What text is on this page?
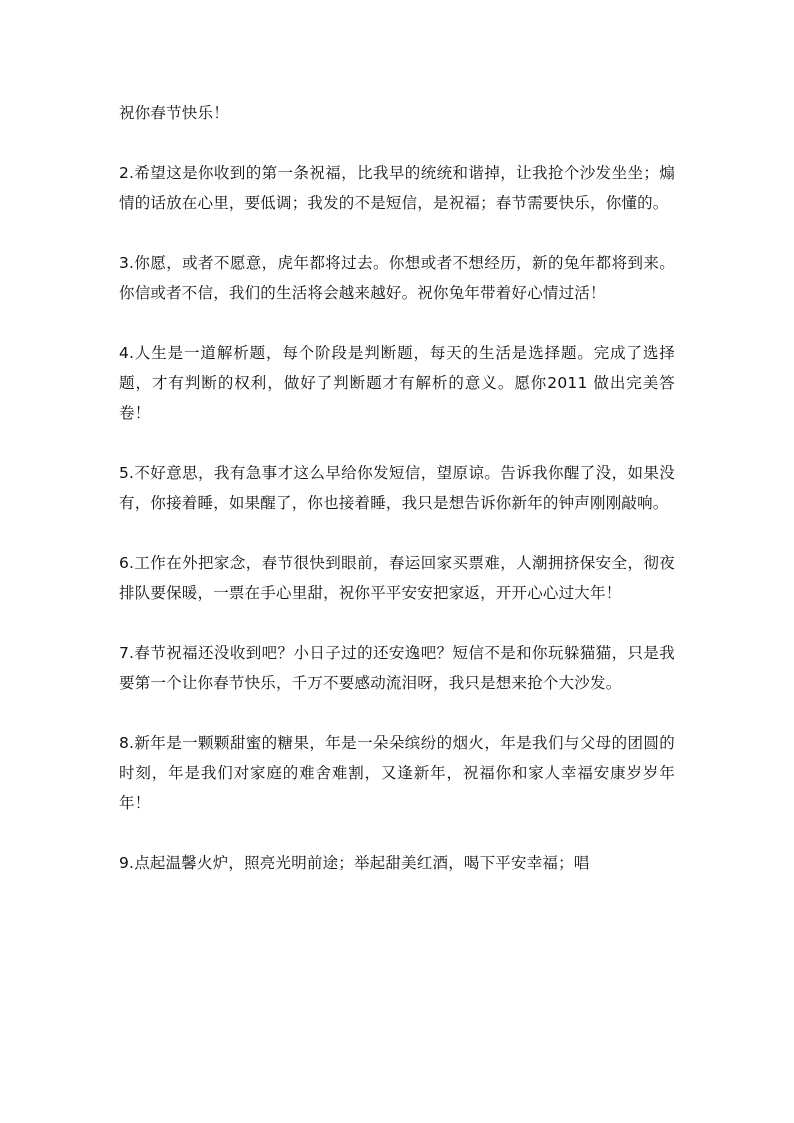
祝你春节快乐！

2.希望这是你收到的第一条祝福，比我早的统统和谐掉，让我抢个沙发坐坐；煽情的话放在心里，要低调；我发的不是短信，是祝福；春节需要快乐，你懂的。

3.你愿，或者不愿意，虎年都将过去。你想或者不想经历，新的兔年都将到来。你信或者不信，我们的生活将会越来越好。祝你兔年带着好心情过活！

4.人生是一道解析题，每个阶段是判断题，每天的生活是选择题。完成了选择题，才有判断的权利，做好了判断题才有解析的意义。愿你2011 做出完美答卷！

5.不好意思，我有急事才这么早给你发短信，望原谅。告诉我你醒了没，如果没有，你接着睡，如果醒了，你也接着睡，我只是想告诉你新年的钟声刚刚敲响。

6.工作在外把家念，春节很快到眼前，春运回家买票难，人潮拥挤保安全，彻夜排队要保暖，一票在手心里甜，祝你平平安安把家返，开开心心过大年！

7.春节祝福还没收到吧？小日子过的还安逸吧？短信不是和你玩躲猫猫，只是我要第一个让你春节快乐，千万不要感动流泪呀，我只是想来抢个大沙发。

8.新年是一颗颗甜蜜的糖果，年是一朵朵缤纷的烟火，年是我们与父母的团圆的时刻，年是我们对家庭的难舍难割，又逢新年，祝福你和家人幸福安康岁岁年年！

9.点起温馨火炉，照亮光明前途；举起甜美红酒，喝下平安幸福；唱
